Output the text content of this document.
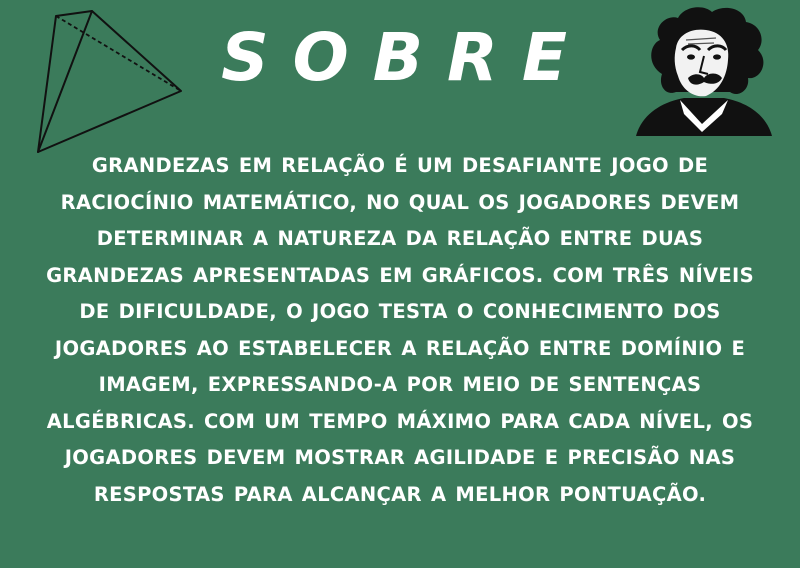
SOBRE
GRANDEZAS EM RELAÇÃO É UM DESAFIANTE JOGO DE RACIOCÍNIO MATEMÁTICO, NO QUAL OS JOGADORES DEVEM DETERMINAR A NATUREZA DA RELAÇÃO ENTRE DUAS GRANDEZAS APRESENTADAS EM GRÁFICOS. COM TRÊS NÍVEIS DE DIFICULDADE, O JOGO TESTA O CONHECIMENTO DOS JOGADORES AO ESTABELECER A RELAÇÃO ENTRE DOMÍNIO E IMAGEM, EXPRESSANDO-A POR MEIO DE SENTENÇAS ALGÉBRICAS. COM UM TEMPO MÁXIMO PARA CADA NÍVEL, OS JOGADORES DEVEM MOSTRAR AGILIDADE E PRECISÃO NAS RESPOSTAS PARA ALCANÇAR A MELHOR PONTUAÇÃO.
